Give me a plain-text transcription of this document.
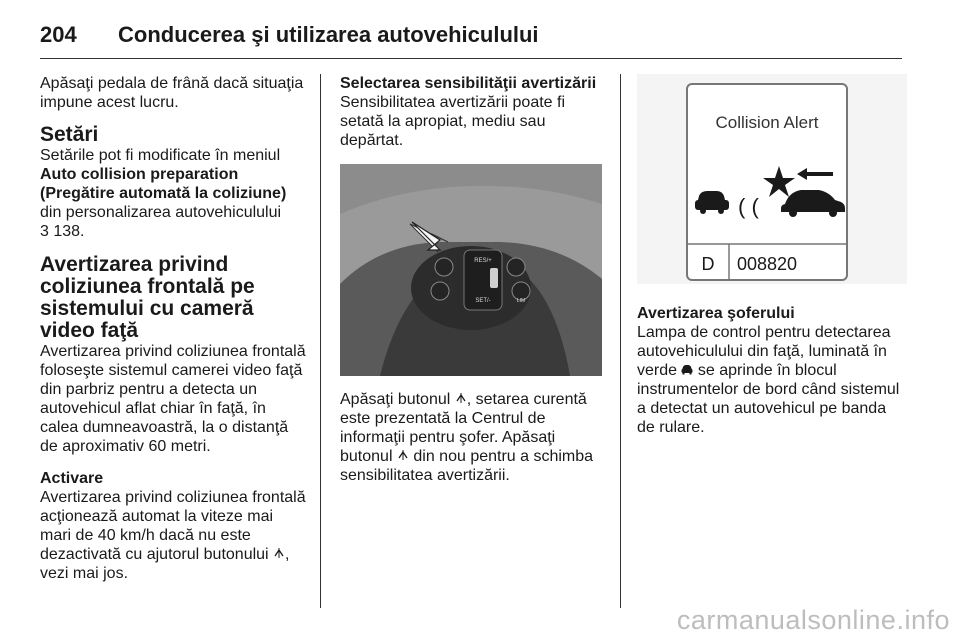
204 Conducerea şi utilizarea autovehiculului

Apăsaţi pedala de frână dacă situaţia impune acest lucru.

Setări

Setările pot fi modificate în meniul Auto collision preparation (Pregătire automată la coliziune) din personalizarea autovehiculului
3 138.

Avertizarea privind coliziunea frontală pe sistemului cu cameră video faţă

Avertizarea privind coliziunea frontală foloseşte sistemul camerei video faţă din parbriz pentru a detecta un autovehicul aflat chiar în faţă, în calea dumneavoastră, la o distanţă de aproximativ 60 metri.

Activare

Avertizarea privind coliziunea frontală acţionează automat la viteze mai mari de 40 km/h dacă nu este dezactivată cu ajutorul butonului , vezi mai jos.

Selectarea sensibilităţii avertizării

Sensibilitatea avertizării poate fi setată la apropiat, mediu sau depărtat.

RES/+
SET/-	LIM

Apăsaţi butonul , setarea curentă este prezentată la Centrul de informaţii pentru şofer. Apăsaţi butonul  din nou pentru a schimba sensibilitatea avertizării.

Collision Alert
( (
D 008820
Avertizarea şoferului

Lampa de control pentru detectarea autovehiculului din faţă, luminată în verde  se aprinde în blocul instrumentelor de bord când sistemul a detectat un autovehicul pe banda de rulare.

carmanualsonline.info
